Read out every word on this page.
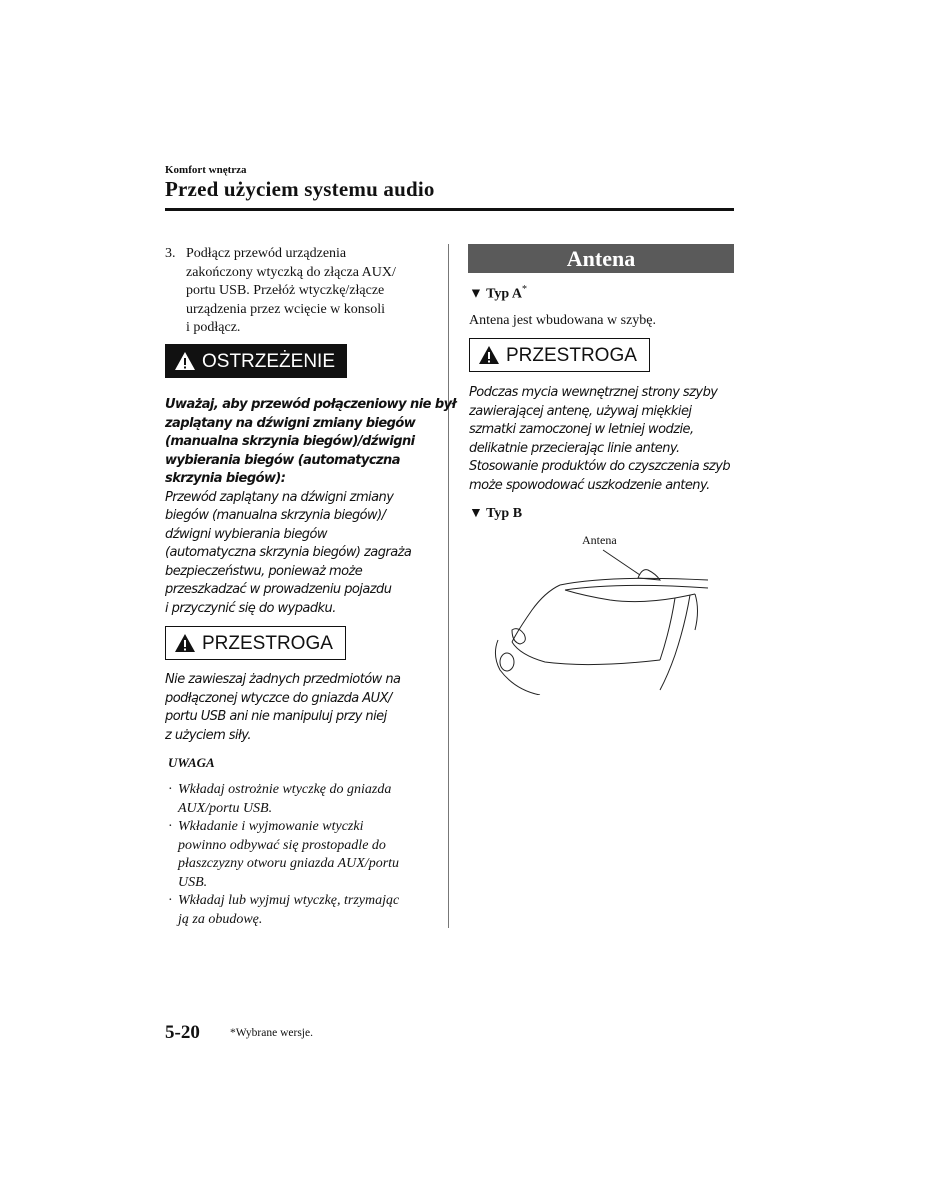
Komfort wnętrza
Przed użyciem systemu audio
3. Podłącz przewód urządzenia
zakończony wtyczką do złącza AUX/
portu USB. Przełóż wtyczkę/złącze
urządzenia przez wcięcie w konsoli
i podłącz.
OSTRZEŻENIE
Uważaj, aby przewód połączeniowy nie był
zaplątany na dźwigni zmiany biegów
(manualna skrzynia biegów)/dźwigni
wybierania biegów (automatyczna
skrzynia biegów):
Przewód zaplątany na dźwigni zmiany
biegów (manualna skrzynia biegów)/
dźwigni wybierania biegów
(automatyczna skrzynia biegów) zagraża
bezpieczeństwu, ponieważ może
przeszkadzać w prowadzeniu pojazdu
i przyczynić się do wypadku.
PRZESTROGA
Nie zawieszaj żadnych przedmiotów na
podłączonej wtyczce do gniazda AUX/
portu USB ani nie manipuluj przy niej
z użyciem siły.
UWAGA
· Wkładaj ostrożnie wtyczkę do gniazda
AUX/portu USB.
· Wkładanie i wyjmowanie wtyczki
powinno odbywać się prostopadle do
płaszczyzny otworu gniazda AUX/portu
USB.
· Wkładaj lub wyjmuj wtyczkę, trzymając
ją za obudowę.
Antena
▼ Typ A*
Antena jest wbudowana w szybę.
PRZESTROGA
Podczas mycia wewnętrznej strony szyby
zawierającej antenę, używaj miękkiej
szmatki zamoczonej w letniej wodzie,
delikatnie przecierając linie anteny.
Stosowanie produktów do czyszczenia szyb
może spowodować uszkodzenie anteny.
▼ Typ B
Antena
5-20	*Wybrane wersje.
